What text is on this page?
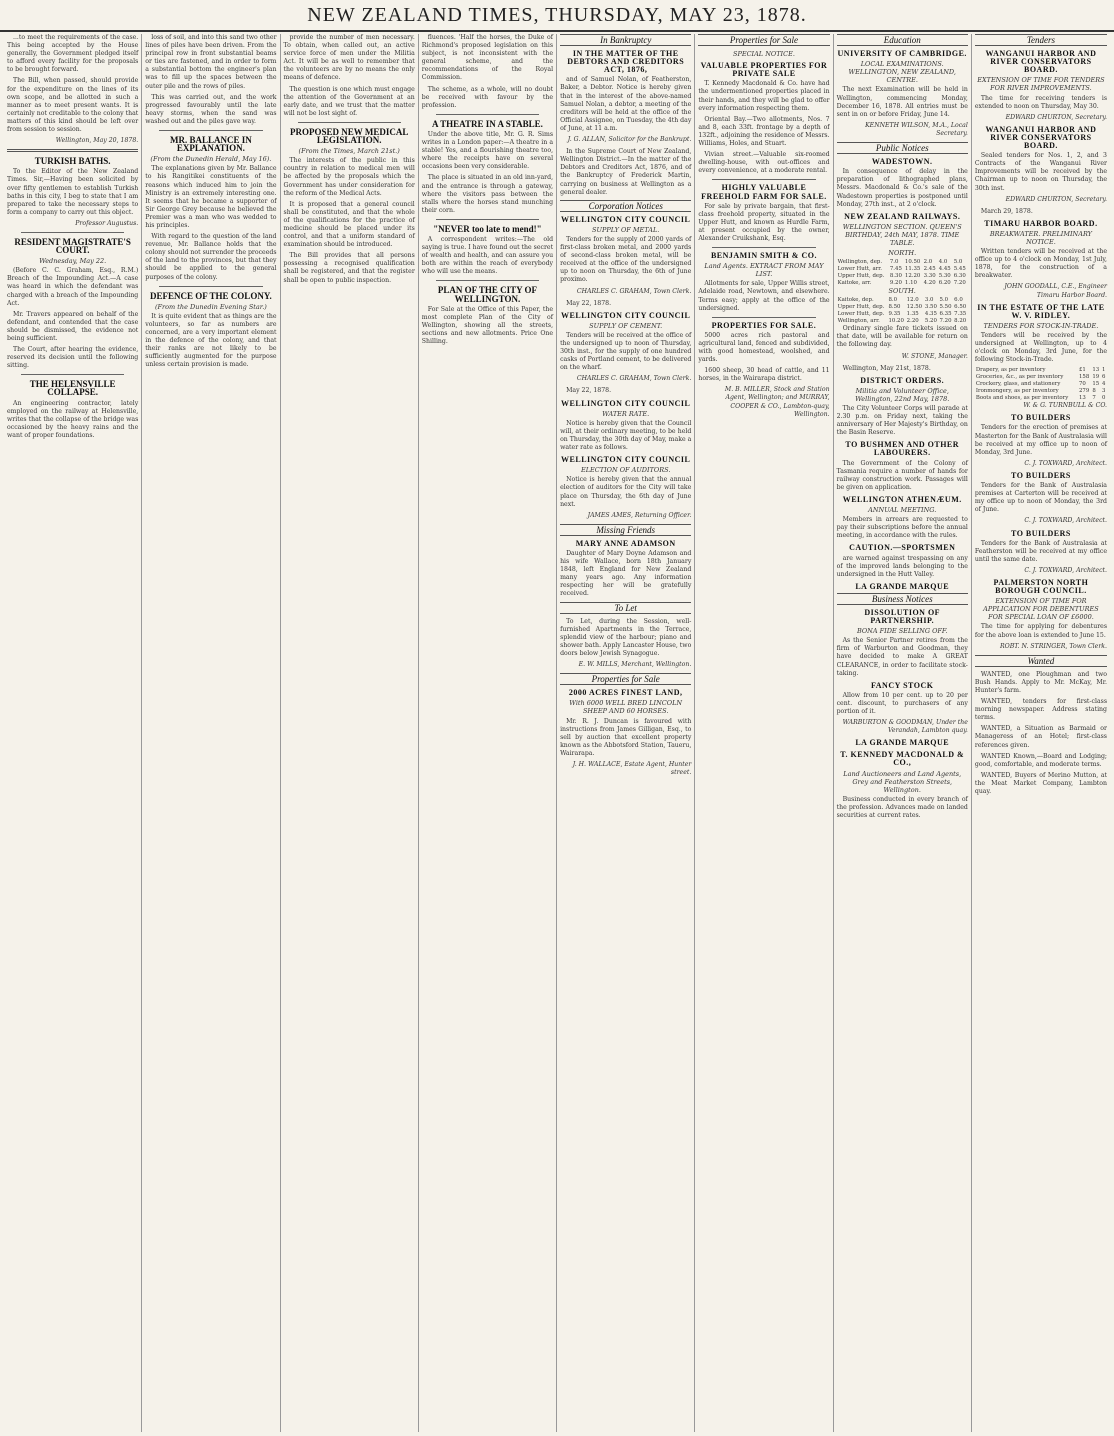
NEW ZEALAND TIMES, THURSDAY, MAY 23, 1878.

...to meet the requirements of the case. This being accepted by the House generally, the Government pledged itself to afford every facility for the proposals to be brought forward.

The Bill, when passed, should provide for the expenditure on the lines of its own scope, and be allotted in such a manner as to meet present wants. It is certainly not creditable to the colony that matters of this kind should be left over from session to session.

Wellington, May 20, 1878.

TURKISH BATHS.

To the Editor of the New Zealand Times. Sir,—Having been solicited by over fifty gentlemen to establish Turkish baths in this city, I beg to state that I am prepared to take the necessary steps to form a company to carry out this object.

Professor Augustus.

RESIDENT MAGISTRATE'S COURT.
Wednesday, May 22.

(Before C. C. Graham, Esq., R.M.) Breach of the Impounding Act.—A case was heard in which the defendant was charged with a breach of the Impounding Act.

Mr. Travers appeared on behalf of the defendant, and contended that the case should be dismissed, the evidence not being sufficient.

The Court, after hearing the evidence, reserved its decision until the following sitting.

THE HELENSVILLE COLLAPSE.

An engineering contractor, lately employed on the railway at Helensville, writes that the collapse of the bridge was occasioned by the heavy rains and the want of proper foundations.

loss of soil, and into this sand two other lines of piles have been driven. From the principal row in front substantial beams or ties are fastened, and in order to form a substantial bottom the engineer's plan was to fill up the spaces between the outer pile and the rows of piles.

This was carried out, and the work progressed favourably until the late heavy storms, when the sand was washed out and the piles gave way.

MR. BALLANCE IN EXPLANATION.
(From the Dunedin Herald, May 16).

The explanations given by Mr. Ballance to his Rangitikei constituents of the reasons which induced him to join the Ministry is an extremely interesting one. It seems that he became a supporter of Sir George Grey because he believed the Premier was a man who was wedded to his principles.

With regard to the question of the land revenue, Mr. Ballance holds that the colony should not surrender the proceeds of the land to the provinces, but that they should be applied to the general purposes of the colony.

DEFENCE OF THE COLONY.
(From the Dunedin Evening Star.)

It is quite evident that as things are the volunteers, so far as numbers are concerned, are a very important element in the defence of the colony, and that their ranks are not likely to be sufficiently augmented for the purpose unless certain provision is made.

provide the number of men necessary. To obtain, when called out, an active service force of men under the Militia Act. It will be as well to remember that the volunteers are by no means the only means of defence.

The question is one which must engage the attention of the Government at an early date, and we trust that the matter will not be lost sight of.

PROPOSED NEW MEDICAL LEGISLATION.
(From the Times, March 21st.)

The interests of the public in this country in relation to medical men will be affected by the proposals which the Government has under consideration for the reform of the Medical Acts.

It is proposed that a general council shall be constituted, and that the whole of the qualifications for the practice of medicine should be placed under its control, and that a uniform standard of examination should be introduced.

The Bill provides that all persons possessing a recognised qualification shall be registered, and that the register shall be open to public inspection.

fluences. 'Half the horses, the Duke of Richmond's proposed legislation on this subject, is not inconsistent with the general scheme, and the recommendations of the Royal Commission.

The scheme, as a whole, will no doubt be received with favour by the profession.

A THEATRE IN A STABLE.

Under the above title, Mr. G. R. Sims writes in a London paper:—A theatre in a stable! Yes, and a flourishing theatre too, where the receipts have on several occasions been very considerable.

The place is situated in an old inn-yard, and the entrance is through a gateway, where the visitors pass between the stalls where the horses stand munching their corn.

"NEVER too late to mend!"

A correspondent writes:—The old saying is true. I have found out the secret of wealth and health, and can assure you both are within the reach of everybody who will use the means.

PLAN OF THE CITY OF WELLINGTON.

For Sale at the Office of this Paper, the most complete Plan of the City of Wellington, showing all the streets, sections and new allotments. Price One Shilling.

In Bankruptcy
IN THE MATTER OF THE DEBTORS AND CREDITORS ACT, 1876,

and of Samuel Nolan, of Featherston, Baker, a Debtor. Notice is hereby given that in the interest of the above-named Samuel Nolan, a debtor, a meeting of the creditors will be held at the office of the Official Assignee, on Tuesday, the 4th day of June, at 11 a.m.

J. G. ALLAN, Solicitor for the Bankrupt.

In the Supreme Court of New Zealand, Wellington District.—In the matter of the Debtors and Creditors Act, 1876, and of the Bankruptcy of Frederick Martin, carrying on business at Wellington as a general dealer.

Corporation Notices
WELLINGTON CITY COUNCIL
SUPPLY OF METAL.

Tenders for the supply of 2000 yards of first-class broken metal, and 2000 yards of second-class broken metal, will be received at the office of the undersigned up to noon on Thursday, the 6th of June proximo.

CHARLES C. GRAHAM, Town Clerk.

May 22, 1878.

WELLINGTON CITY COUNCIL
SUPPLY OF CEMENT.

Tenders will be received at the office of the undersigned up to noon of Thursday, 30th inst., for the supply of one hundred casks of Portland cement, to be delivered on the wharf.

CHARLES C. GRAHAM, Town Clerk.

May 22, 1878.

WELLINGTON CITY COUNCIL
WATER RATE.

Notice is hereby given that the Council will, at their ordinary meeting, to be held on Thursday, the 30th day of May, make a water rate as follows.

WELLINGTON CITY COUNCIL
ELECTION OF AUDITORS.

Notice is hereby given that the annual election of auditors for the City will take place on Thursday, the 6th day of June next.

JAMES AMES, Returning Officer.

Missing Friends
MARY ANNE ADAMSON

Daughter of Mary Doyne Adamson and his wife Wallace, born 18th January 1848, left England for New Zealand many years ago. Any information respecting her will be gratefully received.

To Let

To Let, during the Session, well-furnished Apartments in the Terrace, splendid view of the harbour; piano and shower bath. Apply Lancaster House, two doors below Jewish Synagogue.

E. W. MILLS, Merchant, Wellington.

Properties for Sale
2000 ACRES FINEST LAND,
With 6000 WELL BRED LINCOLN SHEEP AND 60 HORSES.

Mr. R. J. Duncan is favoured with instructions from James Gilligan, Esq., to sell by auction that excellent property known as the Abbotsford Station, Taueru, Wairarapa.

J. H. WALLACE, Estate Agent, Hunter street.

Properties for Sale
SPECIAL NOTICE.
VALUABLE PROPERTIES FOR PRIVATE SALE

T. Kennedy Macdonald & Co. have had the undermentioned properties placed in their hands, and they will be glad to offer every information respecting them.

Oriental Bay.—Two allotments, Nos. 7 and 8, each 33ft. frontage by a depth of 132ft., adjoining the residence of Messrs. Williams, Holes, and Stuart.

Vivian street.—Valuable six-roomed dwelling-house, with out-offices and every convenience, at a moderate rental.

HIGHLY VALUABLE FREEHOLD FARM FOR SALE.

For sale by private bargain, that first-class freehold property, situated in the Upper Hutt, and known as Hurdle Farm, at present occupied by the owner, Alexander Cruikshank, Esq.

BENJAMIN SMITH & CO.
Land Agents. EXTRACT FROM MAY LIST.

Allotments for sale, Upper Willis street, Adelaide road, Newtown, and elsewhere. Terms easy; apply at the office of the undersigned.

PROPERTIES FOR SALE.

5000 acres rich pastoral and agricultural land, fenced and subdivided, with good homestead, woolshed, and yards.

1600 sheep, 30 head of cattle, and 11 horses, in the Wairarapa district.

M. B. MILLER, Stock and Station Agent, Wellington; and MURRAY, COOPER & CO., Lambton-quay, Wellington.

Education
UNIVERSITY OF CAMBRIDGE.
LOCAL EXAMINATIONS. WELLINGTON, NEW ZEALAND, CENTRE.

The next Examination will be held in Wellington, commencing Monday, December 16, 1878. All entries must be sent in on or before Friday, June 14.

KENNETH WILSON, M.A., Local Secretary.

Public Notices
WADESTOWN.

In consequence of delay in the preparation of lithographed plans, Messrs. Macdonald & Co.'s sale of the Wadestown properties is postponed until Monday, 27th inst., at 2 o'clock.

NEW ZEALAND RAILWAYS.
WELLINGTON SECTION. QUEEN'S BIRTHDAY, 24th MAY, 1878. TIME TABLE.
NORTH.
Wellington, dep.	7.0	10.50	2.0	4.0	5.0
Lower Hutt, arr.	7.45	11.35	2.45	4.45	5.45
Upper Hutt, dep.	8.30	12.20	3.30	5.30	6.30
Kaitoke, arr.	9.20	1.10	4.20	6.20	7.20
SOUTH.
Kaitoke, dep.	8.0	12.0	3.0	5.0	6.0
Upper Hutt, dep.	8.50	12.50	3.50	5.50	6.50
Lower Hutt, dep.	9.35	1.35	4.35	6.35	7.35
Wellington, arr.	10.20	2.20	5.20	7.20	8.20

Ordinary single fare tickets issued on that date, will be available for return on the following day.

W. STONE, Manager.

Wellington, May 21st, 1878.

DISTRICT ORDERS.
Militia and Volunteer Office, Wellington, 22nd May, 1878.

The City Volunteer Corps will parade at 2.30 p.m. on Friday next, taking the anniversary of Her Majesty's Birthday, on the Basin Reserve.

TO BUSHMEN AND OTHER LABOURERS.

The Government of the Colony of Tasmania require a number of hands for railway construction work. Passages will be given on application.

WELLINGTON ATHENÆUM.
ANNUAL MEETING.

Members in arrears are requested to pay their subscriptions before the annual meeting, in accordance with the rules.

CAUTION.—SPORTSMEN

are warned against trespassing on any of the improved lands belonging to the undersigned in the Hutt Valley.

LA GRANDE MARQUE
Business Notices
DISSOLUTION OF PARTNERSHIP.
BONA FIDE SELLING OFF.

As the Senior Partner retires from the firm of Warburton and Goodman, they have decided to make A GREAT CLEARANCE, in order to facilitate stock-taking.

FANCY STOCK

Allow from 10 per cent. up to 20 per cent. discount, to purchasers of any portion of it.

WARBURTON & GOODMAN, Under the Verandah, Lambton quay.

LA GRANDE MARQUE
T. KENNEDY MACDONALD & CO.,
Land Auctioneers and Land Agents, Grey and Featherston Streets, Wellington.

Business conducted in every branch of the profession. Advances made on landed securities at current rates.

Tenders
WANGANUI HARBOR AND RIVER CONSERVATORS BOARD.
EXTENSION OF TIME FOR TENDERS FOR RIVER IMPROVEMENTS.

The time for receiving tenders is extended to noon on Thursday, May 30.

EDWARD CHURTON, Secretary.

WANGANUI HARBOR AND RIVER CONSERVATORS BOARD.

Sealed tenders for Nos. 1, 2, and 3 Contracts of the Wanganui River Improvements will be received by the Chairman up to noon on Thursday, the 30th inst.

EDWARD CHURTON, Secretary.

March 29, 1878.

TIMARU HARBOR BOARD.
BREAKWATER. PRELIMINARY NOTICE.

Written tenders will be received at the office up to 4 o'clock on Monday, 1st July, 1878, for the construction of a breakwater.

JOHN GOODALL, C.E., Engineer Timaru Harbor Board.

IN THE ESTATE OF THE LATE W. V. RIDLEY.
TENDERS FOR STOCK-IN-TRADE.

Tenders will be received by the undersigned at Wellington, up to 4 o'clock on Monday, 3rd June, for the following Stock-in-Trade.

Drapery, as per inventory	£1	13	1
Groceries, &c., as per inventory	158	19	6
Crockery, glass, and stationery	70	15	4
Ironmongery, as per inventory	279	8	3
Boots and shoes, as per inventory	13	7	0

W. & G. TURNBULL & CO.

TO BUILDERS

Tenders for the erection of premises at Masterton for the Bank of Australasia will be received at my office up to noon of Monday, 3rd June.

C. J. TOXWARD, Architect.

TO BUILDERS

Tenders for the Bank of Australasia premises at Carterton will be received at my office up to noon of Monday, the 3rd of June.

C. J. TOXWARD, Architect.

TO BUILDERS

Tenders for the Bank of Australasia at Featherston will be received at my office until the same date.

C. J. TOXWARD, Architect.

PALMERSTON NORTH BOROUGH COUNCIL.
EXTENSION OF TIME FOR APPLICATION FOR DEBENTURES FOR SPECIAL LOAN OF £6000.

The time for applying for debentures for the above loan is extended to June 15.

ROBT. N. STRINGER, Town Clerk.

Wanted

WANTED, one Ploughman and two Bush Hands. Apply to Mr. McKay, Mr. Hunter's farm.

WANTED, tenders for first-class morning newspaper. Address stating terms.

WANTED, a Situation as Barmaid or Manageress of an Hotel; first-class references given.

WANTED Known,—Board and Lodging; good, comfortable, and moderate terms.

WANTED, Buyers of Merino Mutton, at the Meat Market Company, Lambton quay.
